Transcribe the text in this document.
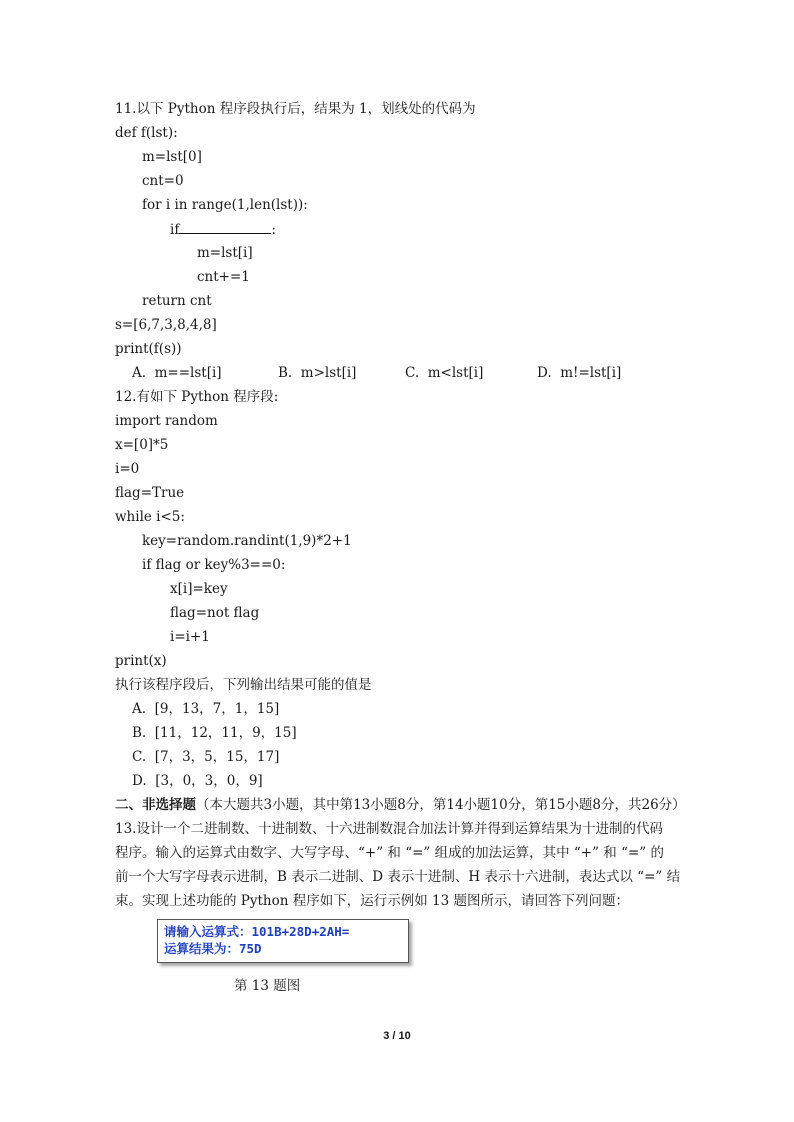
11.以下 Python 程序段执行后，结果为 1，划线处的代码为
def f(lst):
m=lst[0]
cnt=0
for i in range(1,len(lst)):
if	:
m=lst[i]
cnt+=1
return cnt
s=[6,7,3,8,4,8]
print(f(s))
A.  m==lst[i]	B.  m>lst[i]	C.  m<lst[i]	D.  m!=lst[i]
12.有如下 Python 程序段:
import random
x=[0]*5
i=0
flag=True
while i<5:
key=random.randint(1,9)*2+1
if flag or key%3==0:
x[i]=key
flag=not flag
i=i+1
print(x)
执行该程序段后，下列输出结果可能的值是
A.  [9，13，7，1，15]
B.  [11，12，11，9，15]
C.  [7，3，5，15，17]
D.  [3，0，3，0，9]
二、非选择题（本大题共3小题，其中第13小题8分，第14小题10分，第15小题8分，共26分）
13.设计一个二进制数、十进制数、十六进制数混合加法计算并得到运算结果为十进制的代码
程序。输入的运算式由数字、大写字母、“+” 和 “=” 组成的加法运算，其中 “+” 和 “=” 的
前一个大写字母表示进制，B 表示二进制、D 表示十进制、H 表示十六进制，表达式以 “=” 结
束。实现上述功能的 Python 程序如下，运行示例如 13 题图所示，请回答下列问题：
请输入运算式：101B+28D+2AH=
运算结果为：75D
第 13 题图
3 / 10
